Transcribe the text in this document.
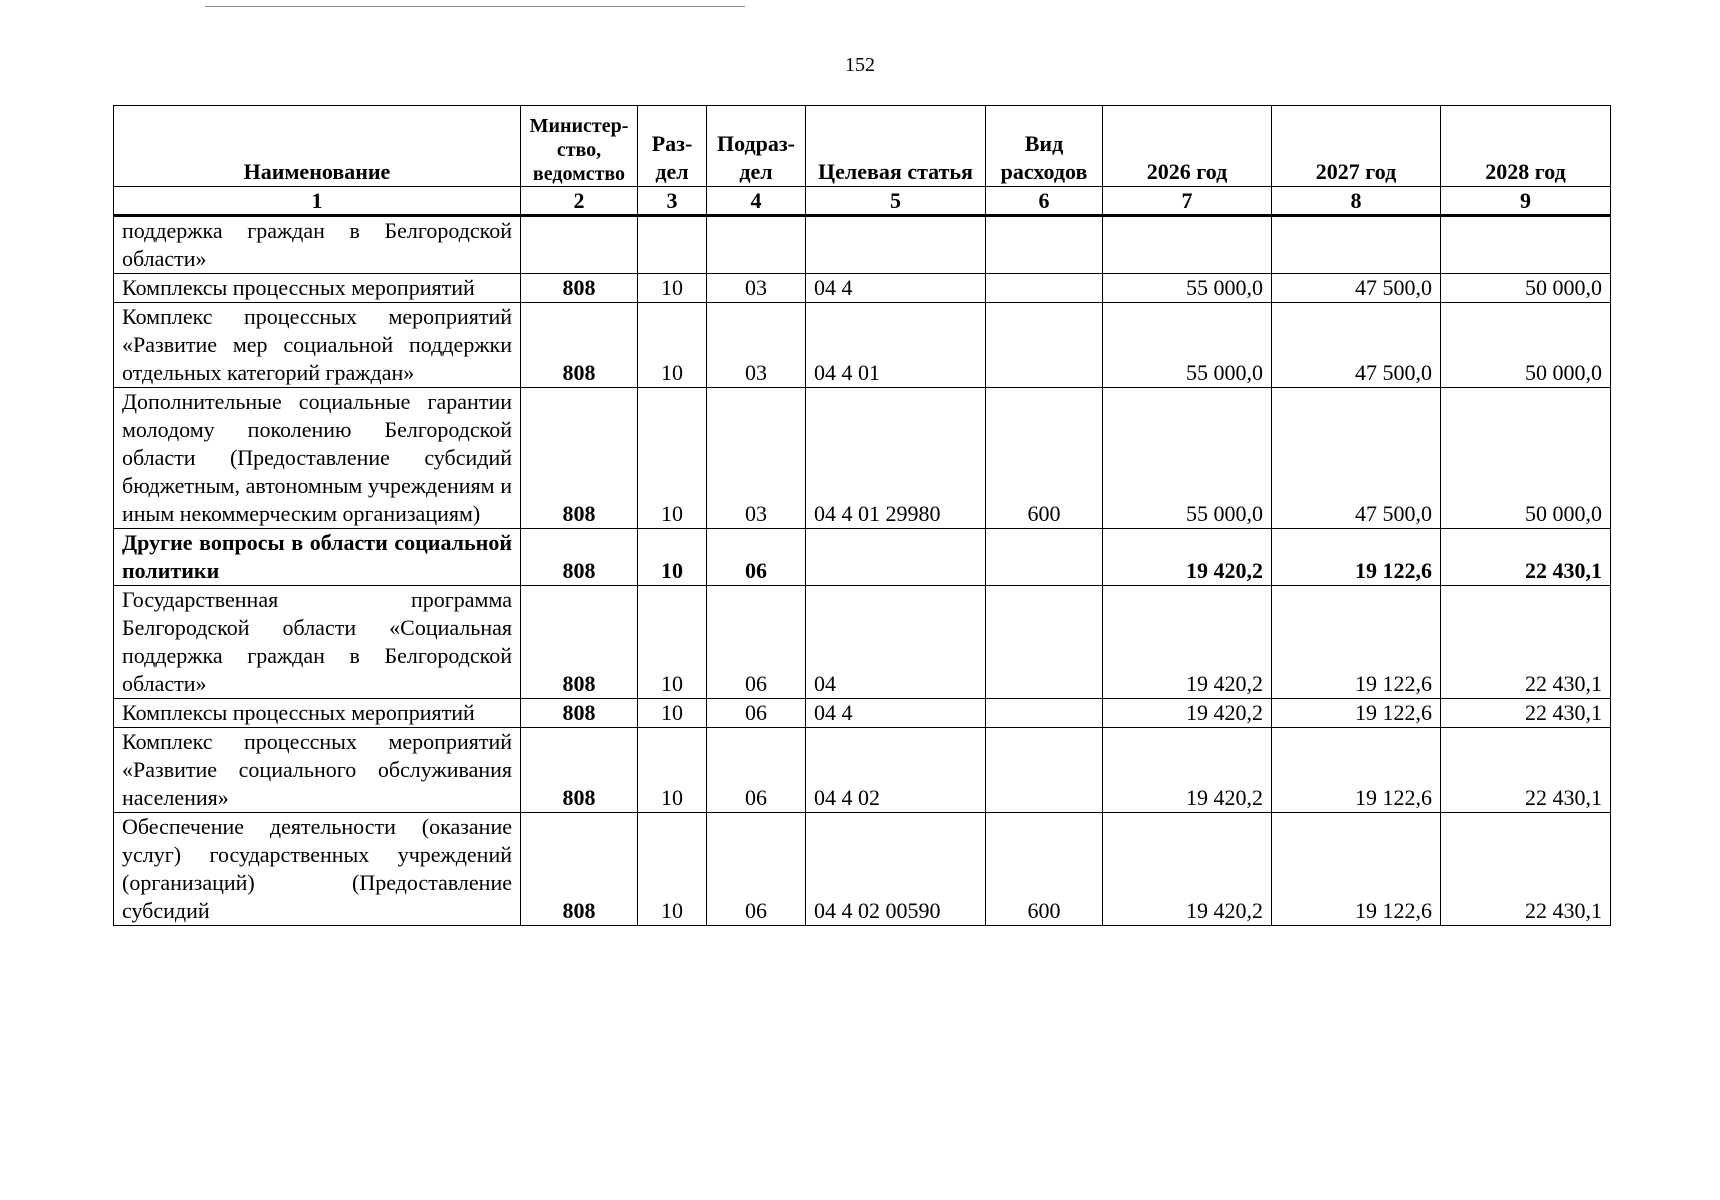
152
Наименование	Министер-ство, ведомство	Раз-дел	Подраз-дел	Целевая статья	Вид расходов	2026 год	2027 год	2028 год
1	2	3	4	5	6	7	8	9
поддержка граждан в Белгородской области»								
Комплексы процессных мероприятий	808	10	03	04 4		55 000,0	47 500,0	50 000,0
Комплекс процессных мероприятий «Развитие мер социальной поддержки отдельных категорий граждан»	808	10	03	04 4 01		55 000,0	47 500,0	50 000,0
Дополнительные социальные гарантии молодому поколению Белгородской области (Предоставление субсидий бюджетным, автономным учреждениям и иным некоммерческим организациям)	808	10	03	04 4 01 29980	600	55 000,0	47 500,0	50 000,0
Другие вопросы в области социальной политики	808	10	06			19 420,2	19 122,6	22 430,1
Государственная программа Белгородской области «Социальная поддержка граждан в Белгородской области»	808	10	06	04		19 420,2	19 122,6	22 430,1
Комплексы процессных мероприятий	808	10	06	04 4		19 420,2	19 122,6	22 430,1
Комплекс процессных мероприятий «Развитие социального обслуживания населения»	808	10	06	04 4 02		19 420,2	19 122,6	22 430,1
Обеспечение деятельности (оказание услуг) государственных учреждений (организаций) (Предоставление субсидий	808	10	06	04 4 02 00590	600	19 420,2	19 122,6	22 430,1
